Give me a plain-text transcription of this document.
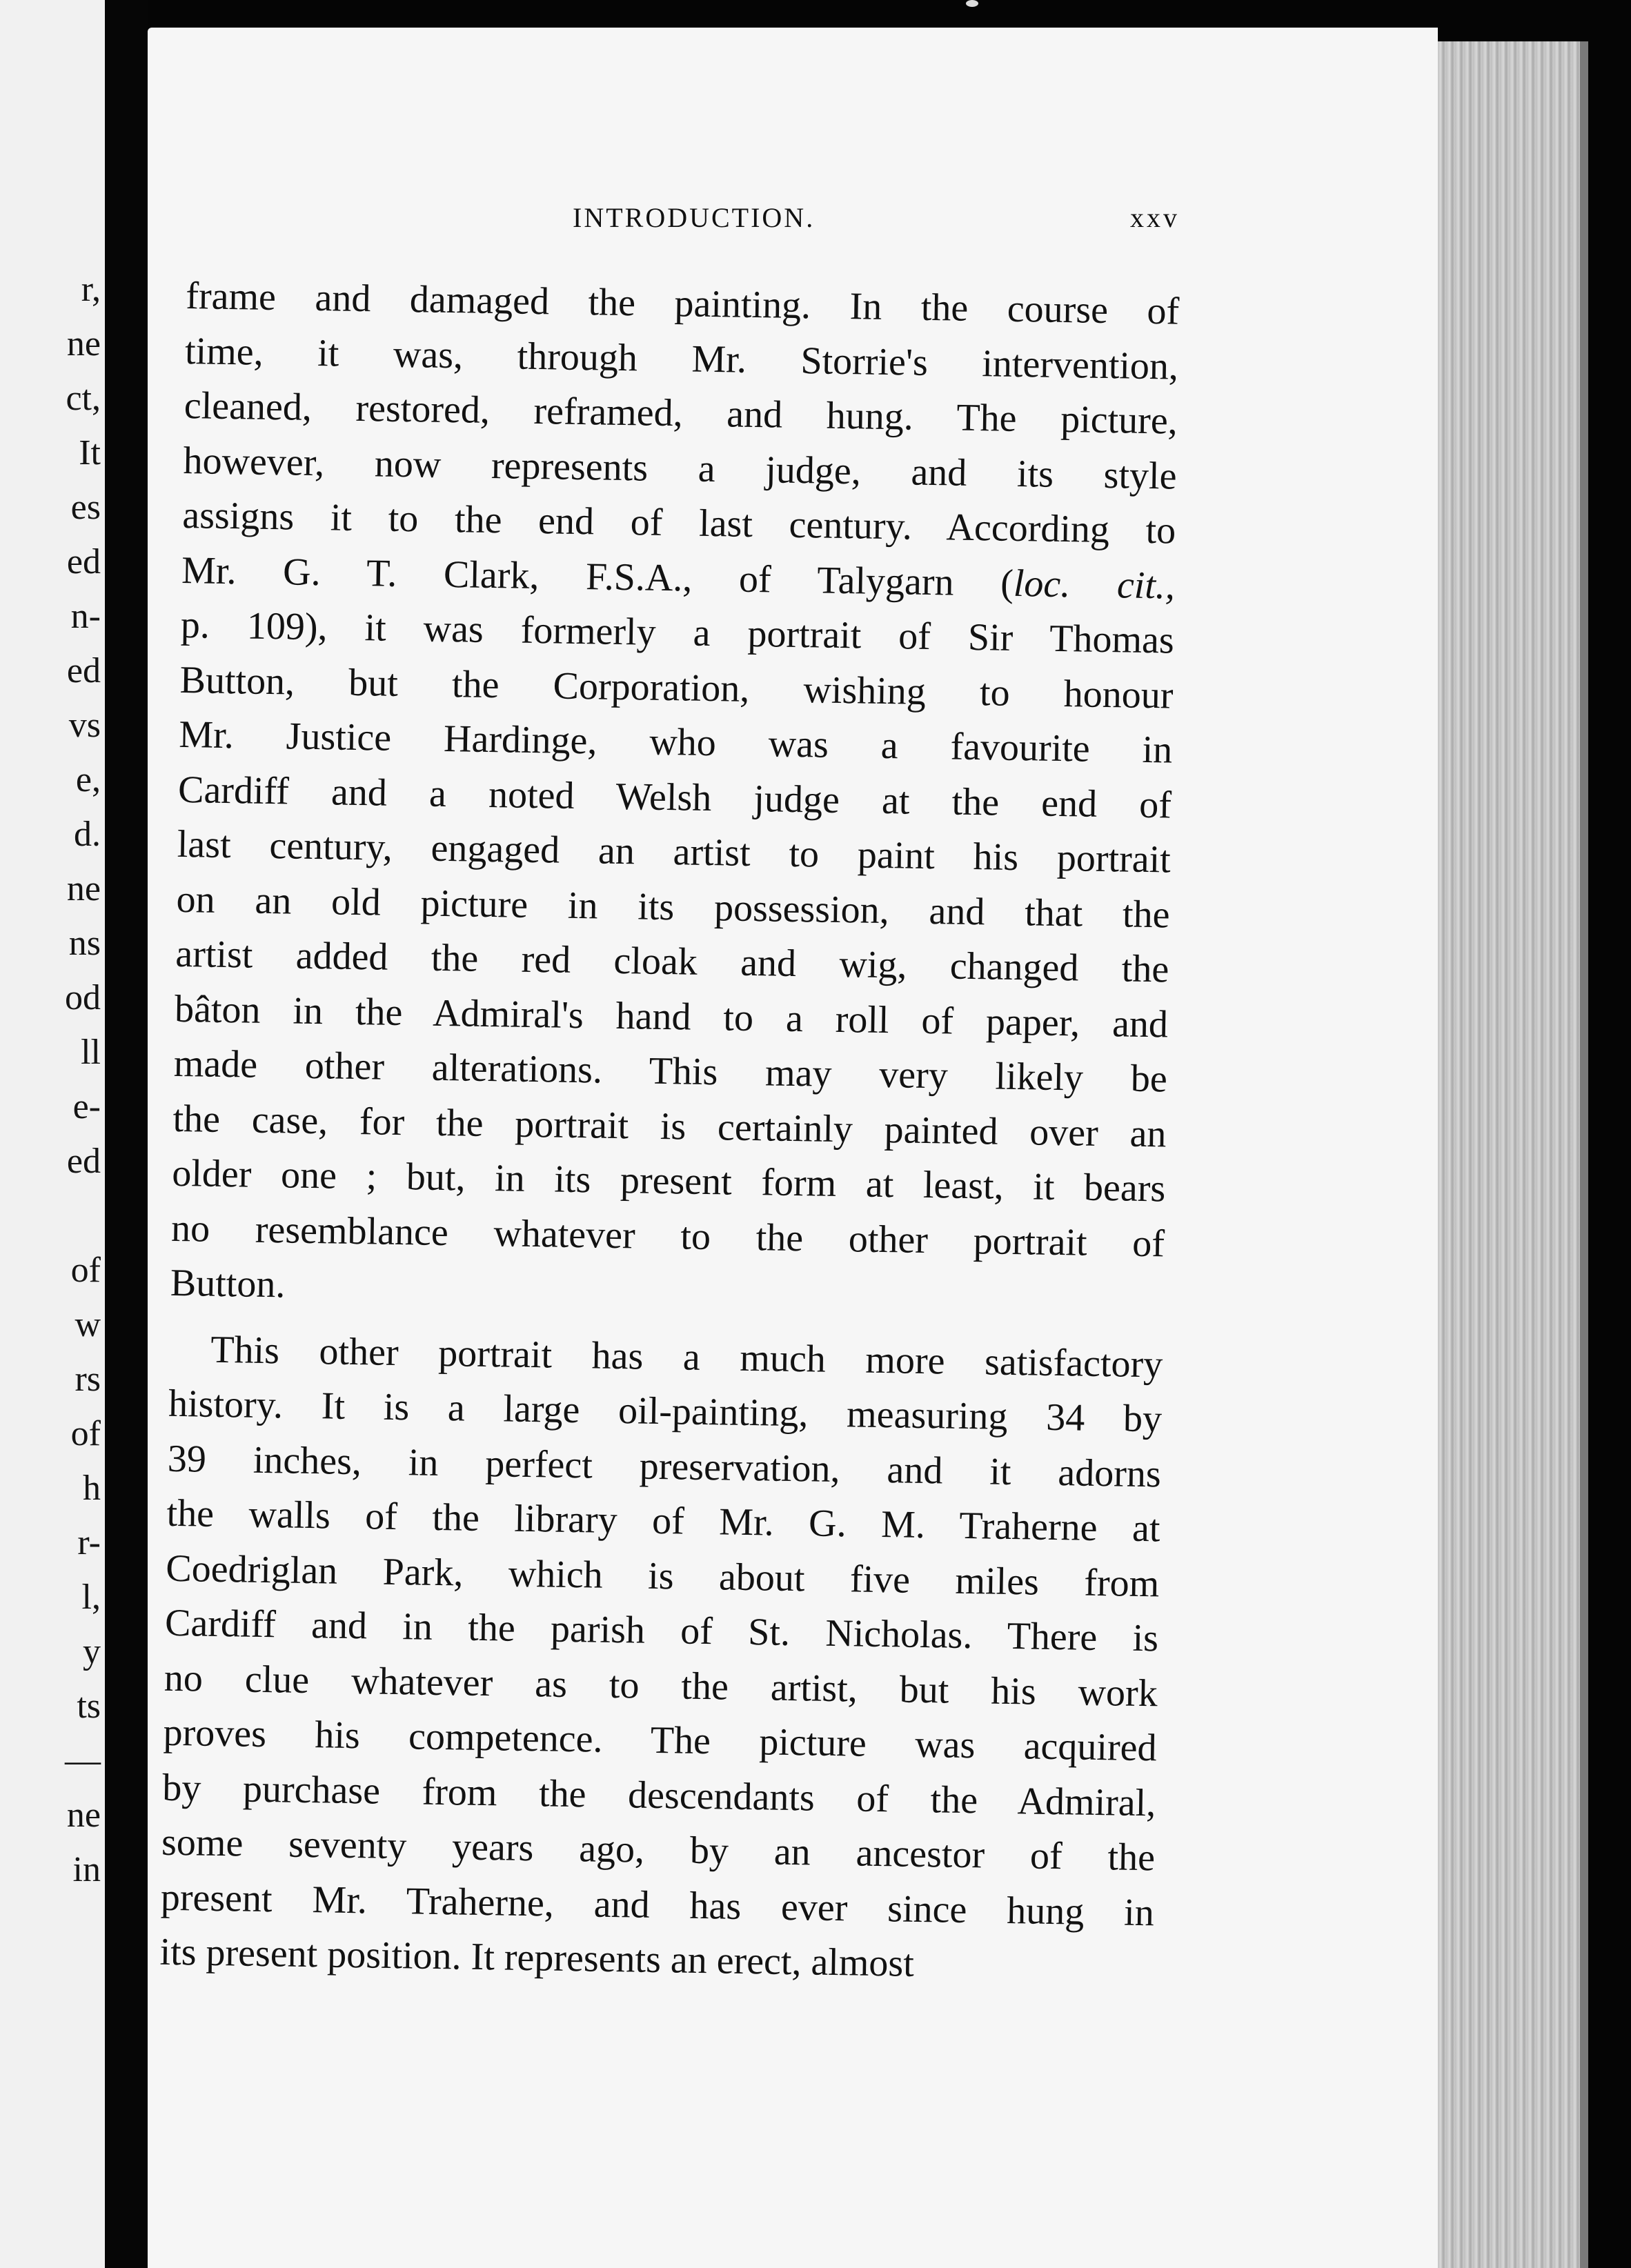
r,
ne
ct,
It
es
ed
n-
ed
vs
e,
d.
ne
ns
od
ll
e-
ed
of
w
rs
of
h
r-
l,
y
ts
—
ne
in
INTRODUCTION.	xxv
frame and damaged the painting. In the course of
time, it was, through Mr. Storrie's intervention,
cleaned, restored, reframed, and hung. The picture,
however, now represents a judge, and its style
assigns it to the end of last century. According to
Mr. G. T. Clark, F.S.A., of Talygarn (loc. cit.,
p. 109), it was formerly a portrait of Sir Thomas
Button, but the Corporation, wishing to honour
Mr. Justice Hardinge, who was a favourite in
Cardiff and a noted Welsh judge at the end of
last century, engaged an artist to paint his portrait
on an old picture in its possession, and that the
artist added the red cloak and wig, changed the
bâton in the Admiral's hand to a roll of paper, and
made other alterations. This may very likely be
the case, for the portrait is certainly painted over an
older one ; but, in its present form at least, it bears
no resemblance whatever to the other portrait of
Button.
This other portrait has a much more satisfactory
history. It is a large oil-painting, measuring 34 by
39 inches, in perfect preservation, and it adorns
the walls of the library of Mr. G. M. Traherne at
Coedriglan Park, which is about five miles from
Cardiff and in the parish of St. Nicholas. There is
no clue whatever as to the artist, but his work
proves his competence. The picture was acquired
by purchase from the descendants of the Admiral,
some seventy years ago, by an ancestor of the
present Mr. Traherne, and has ever since hung in
its present position. It represents an erect, almost
